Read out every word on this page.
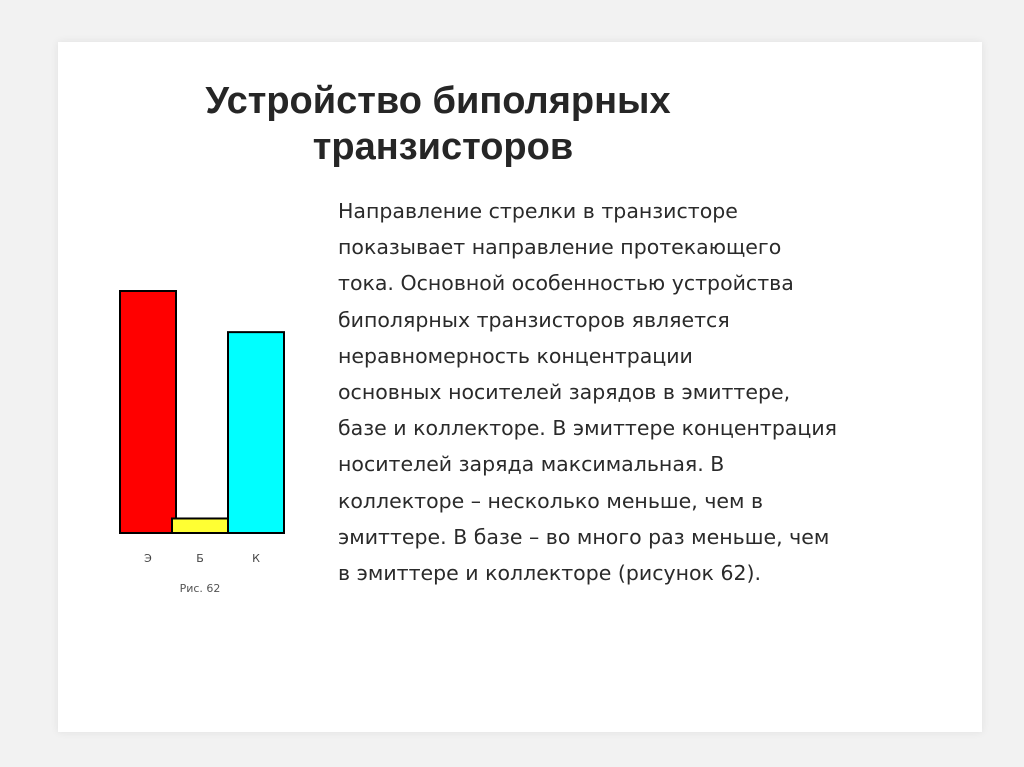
Устройство биполярных
транзисторов
Э	Б	К
Рис. 62
Направление стрелки в транзисторе
показывает направление протекающего
тока. Основной особенностью устройства
биполярных транзисторов является
неравномерность концентрации
основных носителей зарядов в эмиттере,
базе и коллекторе. В эмиттере концентрация
носителей заряда максимальная. В
коллекторе – несколько меньше, чем в
эмиттере. В базе – во много раз меньше, чем
в эмиттере и коллекторе (рисунок 62).
